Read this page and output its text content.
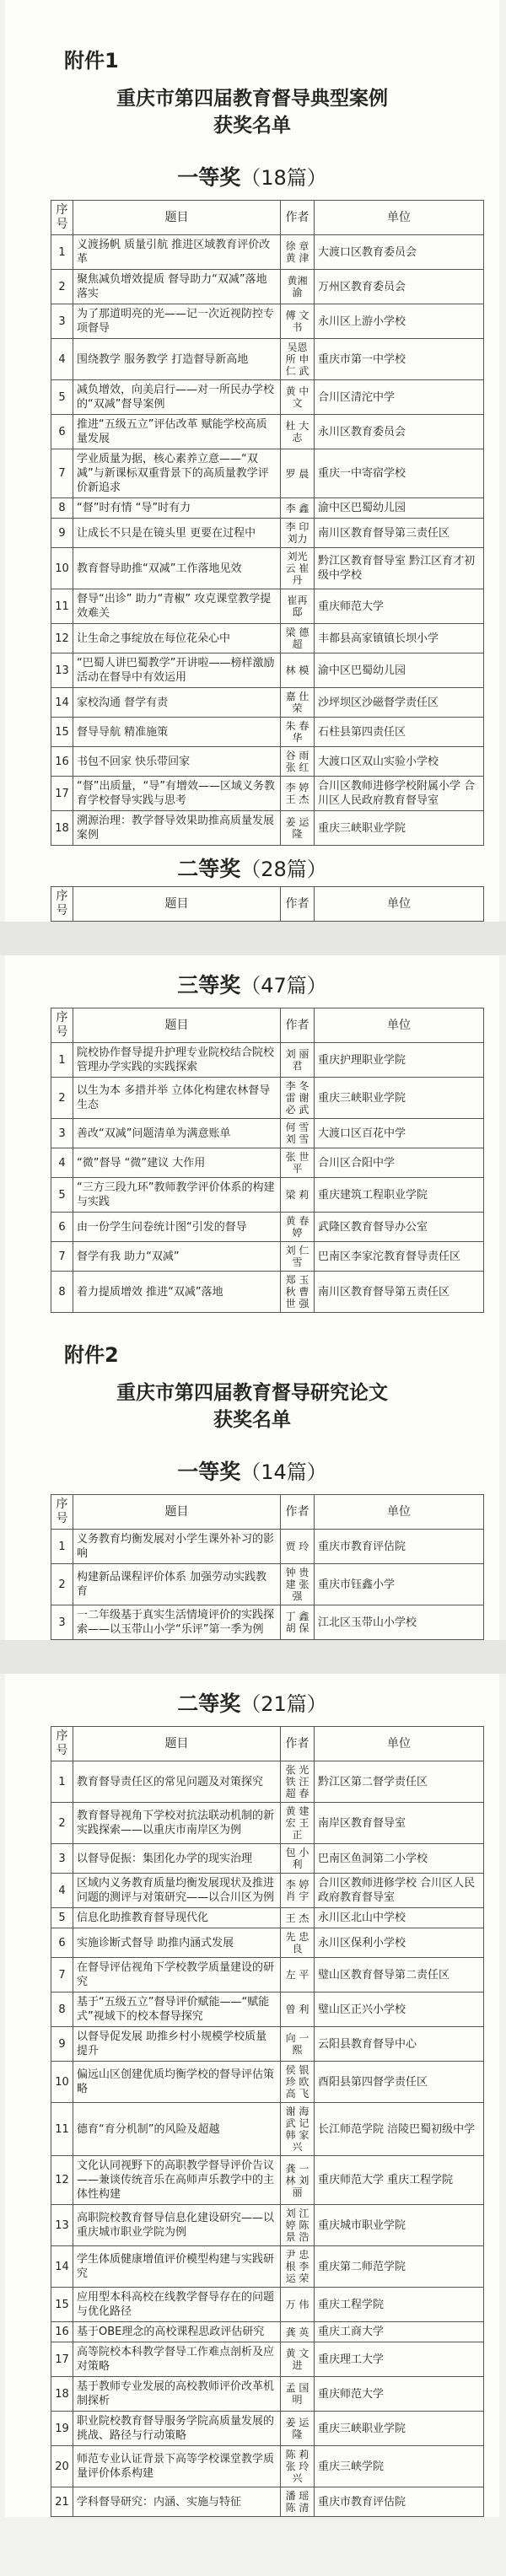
附件1
重庆市第四届教育督导典型案例
获奖名单
一等奖（18篇）
序号	题目	作者	单位
1	义渡扬帆 质量引航 推进区域教育评价改革	徐 章 黄 津	大渡口区教育委员会
2	聚焦减负增效提质 督导助力“双减”落地落实	黄湘渝	万州区教育委员会
3	为了那道明亮的光——记一次近视防控专项督导	傅 文 书	永川区上游小学校
4	围绕教学 服务教学 打造督导新高地	吴恩 所 申仁 武	重庆市第一中学校
5	减负增效，向美启行——对一所民办学校的“双减”督导案例	黄 中 文	合川区清沱中学
6	推进“五级五立”评估改革 赋能学校高质量发展	杜 大 志	永川区教育委员会
7	学业质量为据，核心素养立意——“双减”与新课标双重背景下的高质量教学评价新追求	罗 晨	重庆一中寄宿学校
8	“督”时有情 “导”时有力	李 鑫	渝中区巴蜀幼儿园
9	让成长不只是在镜头里 更要在过程中	李 印 刘力	南川区教育督导第三责任区
10	教育督导助推“双减”工作落地见效	刘光 云 崔丹	黔江区教育督导室 黔江区育才初级中学校
11	督导“出诊” 助力“青椒” 攻克课堂教学提效难关	崔再 邸	重庆师范大学
12	让生命之事绽放在每位花朵心中	梁 德 超	丰都县高家镇镇长坝小学
13	“巴蜀人讲巴蜀教学”开讲啦——榜样激励活动在督导中有效运用	林 模	渝中区巴蜀幼儿园
14	家校沟通 督学有责	嘉 仕 荣	沙坪坝区沙磁督学责任区
15	督导导航 精准施策	朱 春 华	石柱县第四责任区
16	书包不回家 快乐带回家	谷 雨 张 红	大渡口区双山实验小学校
17	“督”出质量，“导”有增效——区域义务教育学校督导实践与思考	李 婷 王 杰	合川区教师进修学校附属小学 合川区人民政府教育督导室
18	溯源治理：教学督导效果助推高质量发展案例	姜 运 隆	重庆三峡职业学院
二等奖（28篇）
序号	题目	作者	单位
三等奖（47篇）
序号	题目	作者	单位
1	院校协作督导提升护理专业院校结合院校管理办学实践的实践探索	刘 丽 君	重庆护理职业学院
2	以生为本 多措并举 立体化构建农林督导生态	李 冬 雷 谢 必 武	重庆三峡职业学院
3	善改“双减”问题清单为满意账单	何 雪 刘 雪	大渡口区百花中学
4	“微”督导 “微”建议 大作用	张 世 平	合川区合阳中学
5	“三方三段九环”教师教学评价体系的构建与实践	梁 莉	重庆建筑工程职业学院
6	由一份学生问卷统计图“引发的督导	黄 春 婷	武隆区教育督导办公室
7	督学有我 助力“双减”	刘 仁 雪	巴南区李家沱教育督导责任区
8	着力提质增效 推进“双减”落地	郑 玉 秋 曹 世 强	南川区教育督导第五责任区
附件2
重庆市第四届教育督导研究论文
获奖名单
一等奖（14篇）
序号	题目	作者	单位
1	义务教育均衡发展对小学生课外补习的影响	贾 玲	重庆市教育评估院
2	构建新品课程评价体系 加强劳动实践教育	钟 贵 建 张 强	重庆市钰鑫小学
3	一二年级基于真实生活情境评价的实践探索——以玉带山小学“乐评”第一季为例	丁 鑫 胡 保	江北区玉带山小学校
二等奖（21篇）
序号	题目	作者	单位
1	教育督导责任区的常见问题及对策探究	张 光 铁 汪 超 春	黔江区第二督学责任区
2	教育督导视角下学校对抗法联动机制的新实践探索——以重庆市南岸区为例	黄 建 宏 王 正	南岸区教育督导室
3	以督导促振：集团化办学的现实治理	包 小 利	巴南区鱼洞第二小学校
4	区域内义务教育质量均衡发展现状及推进问题的测评与对策研究——以合川区为例	李 婷 肖 宇	合川区教师进修学校 合川区人民政府教育督导室
5	信息化助推教育督导现代化	王 杰	永川区北山中学校
6	实施诊断式督导 助推内涵式发展	先 忠 良	永川区保利小学校
7	在督导评估视角下学校教学质量建设的研究	左 平	璧山区教育督导第二责任区
8	基于“五级五立”督导评价赋能——“赋能式”视域下的校本督导探究	曾 利	璧山区正兴小学校
9	以督导促发展 助推乡村小规模学校质量提升	向 一 熙	云阳县教育督导中心
10	偏远山区创建优质均衡学校的督导评估策略	侯 银 珍 欧 高 飞	酉阳县第四督学责任区
11	德育“育分机制”的风险及超越	谢 海 武 记 韩 家 兴	长江师范学院 涪陵巴蜀初级中学
12	文化认同视野下的高职教学督导评价告议——兼谈传统音乐在高师声乐教学中的主体性构建	龚 一 林 刘 丽	重庆师范大学 重庆工程学院
13	高职院校教育督导信息化建设研究——以重庆城市职业学院为例	刘 江 婷 陈 景 浩	重庆城市职业学院
14	学生体质健康增值评价模型构建与实践研究	尹 忠 根 李 运 荣	重庆第二师范学院
15	应用型本科高校在线教学督导存在的问题与优化路径	万 伟	重庆工程学院
16	基于OBE理念的高校课程思政评估研究	龚 英	重庆工商大学
17	高等院校本科教学督导工作难点剖析及应对策略	黄 文 进	重庆理工大学
18	基于教师专业发展的高校教师评价改革机制探析	孟 国 明	重庆师范大学
19	职业院校教育督导服务学院高质量发展的挑战、路径与行动策略	姜 运 隆	重庆三峡职业学院
20	师范专业认证背景下高等学校课堂教学质量评价体系构建	陈 莉 张 玲 兴	重庆三峡学院
21	学科督导研究：内涵、实施与特征	潘 瑶 陈 清	重庆市教育评估院
